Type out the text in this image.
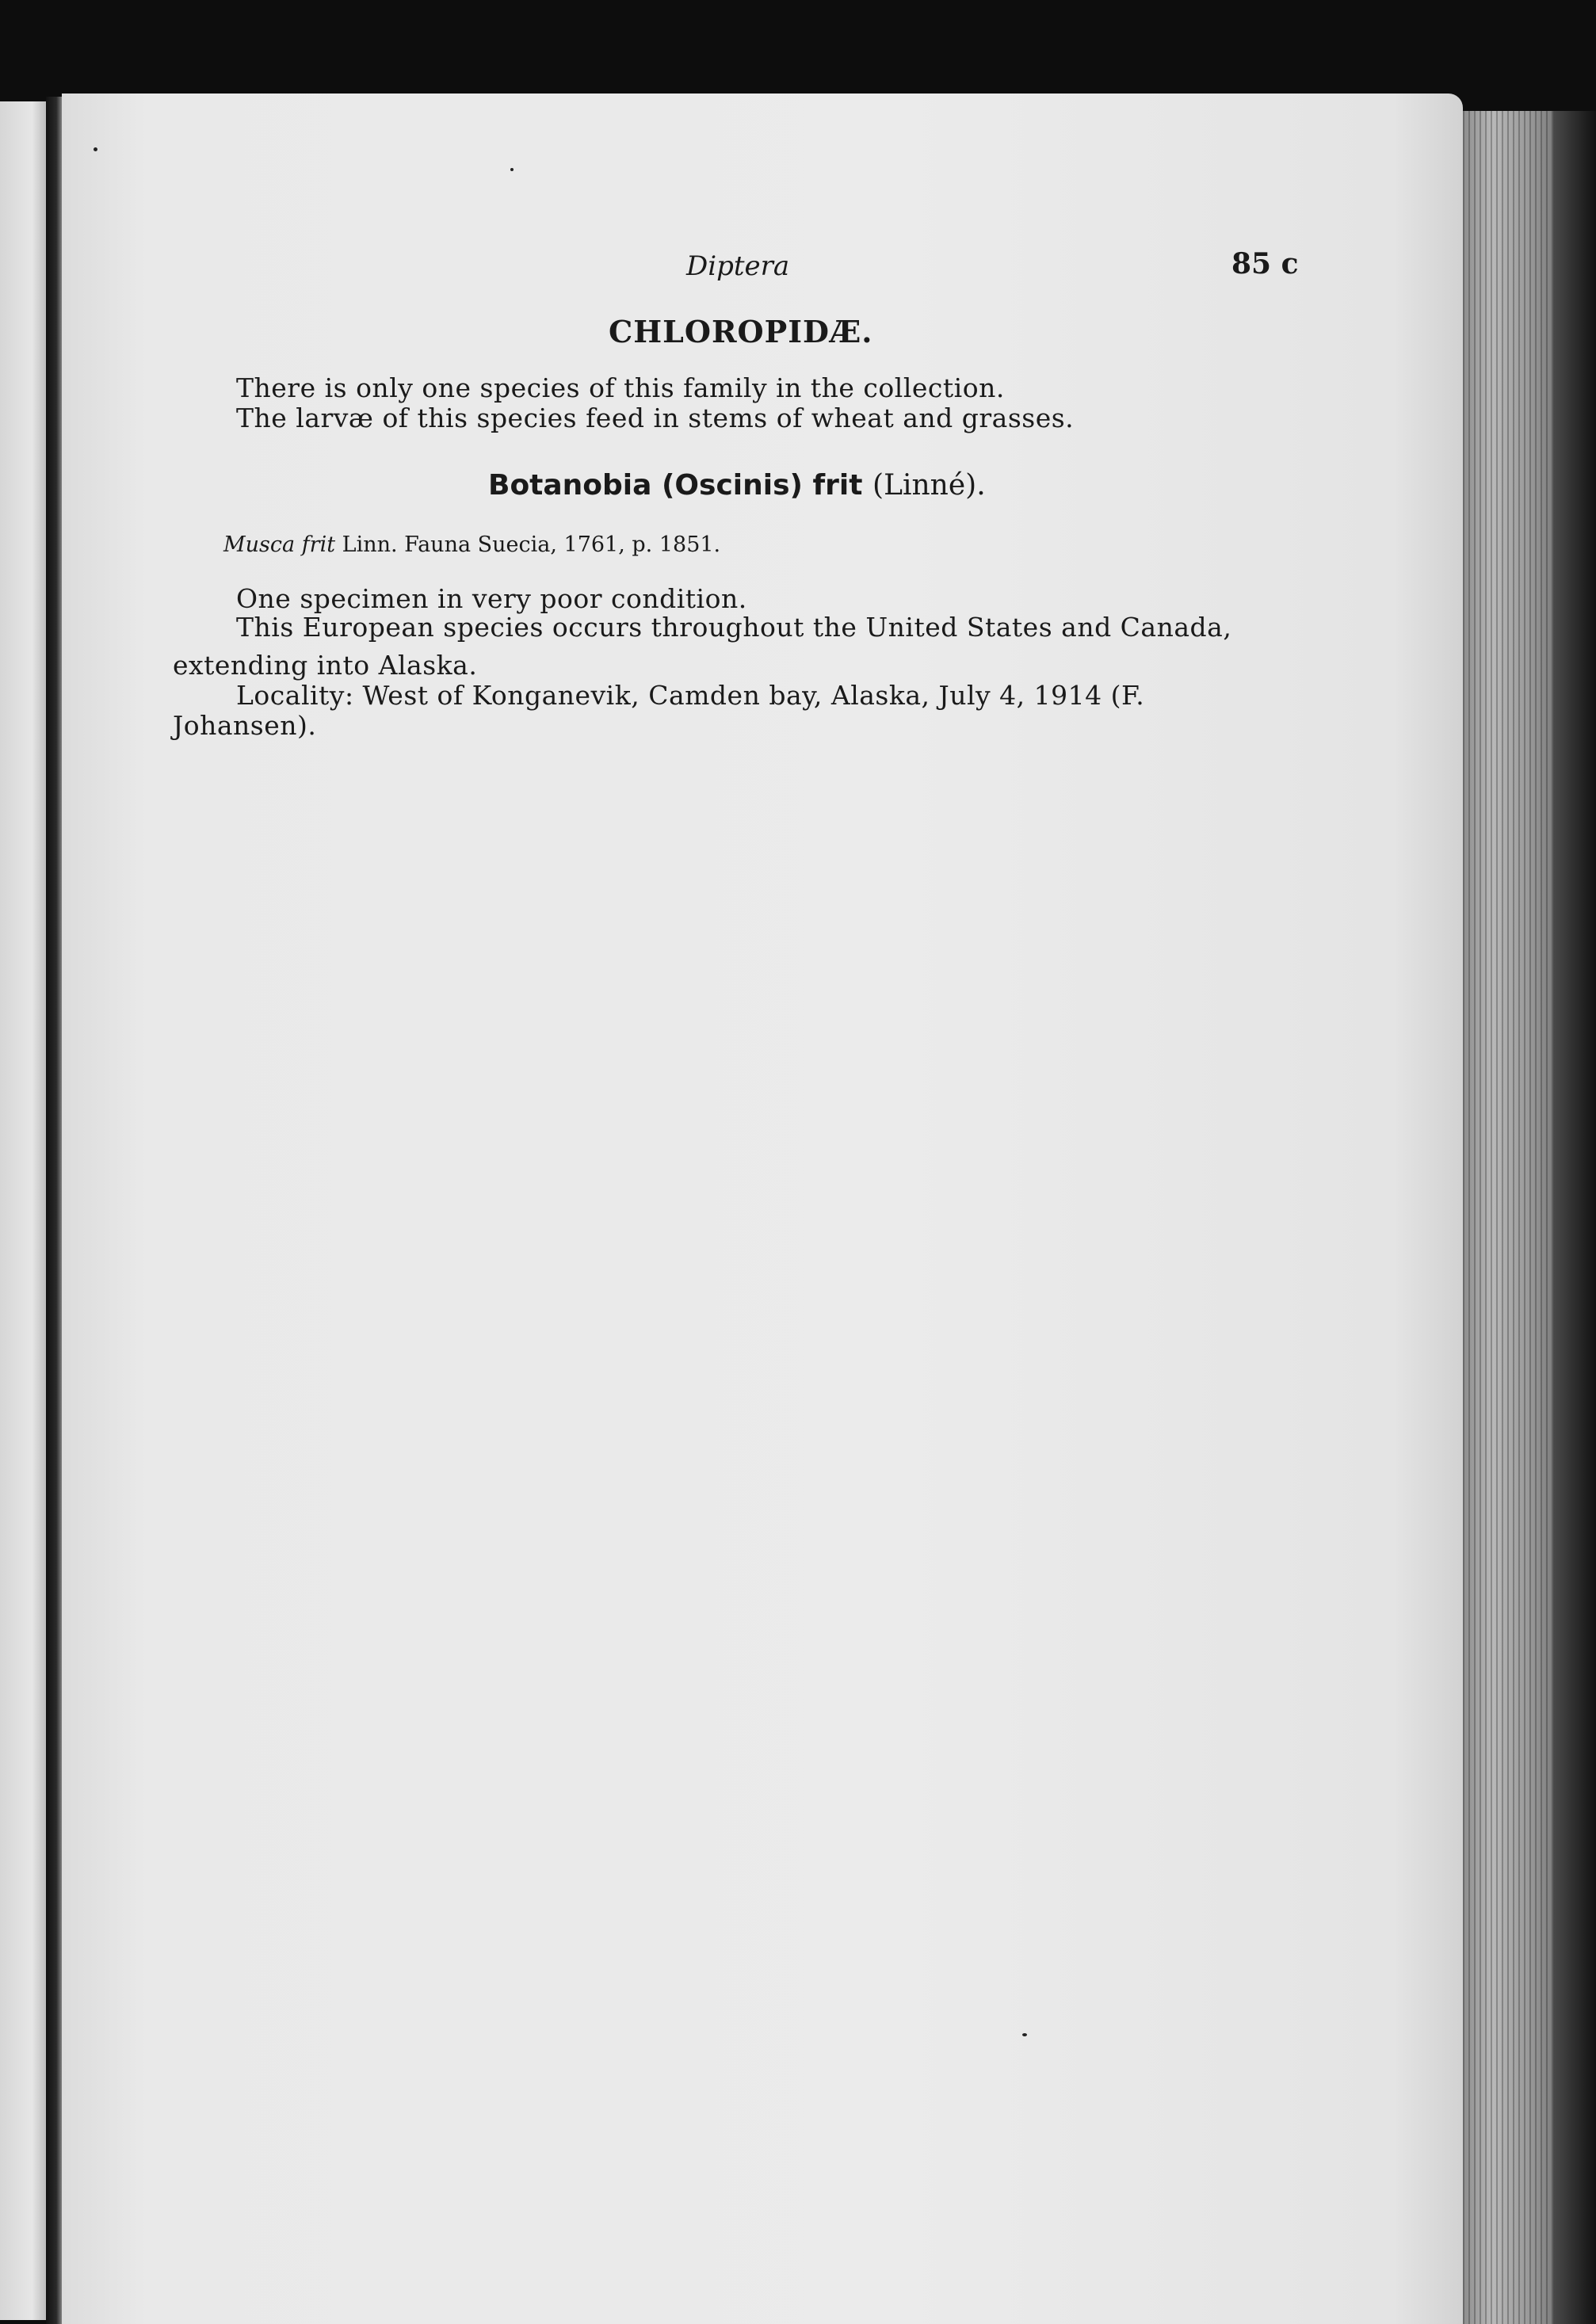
Diptera	85 c

CHLOROPIDÆ.

There is only one species of this family in the collection.

The larvæ of this species feed in stems of wheat and grasses.

Botanobia (Oscinis) frit (Linné).

Musca frit Linn. Fauna Suecia, 1761, p. 1851.

One specimen in very poor condition.

This European species occurs throughout the United States and Canada,

extending into Alaska.

Locality: West of Konganevik, Camden bay, Alaska, July 4, 1914 (F.

Johansen).
